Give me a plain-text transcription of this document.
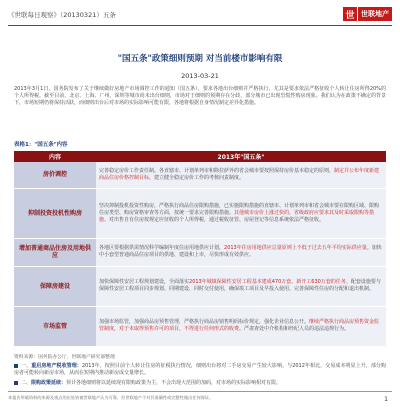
《世联每日观察》（20130321）五条	世 世联地产
"国五条"政策细则预期 对当前楼市影响有限
2013-03-21
2013年3月1日，国务院发布了关于继续做好房地产市场调控工作的通知（国五条），要求各地出台细则并严格执行，尤其是要求依法严格征收个人转让住房所得20%的个人所得税。截至目前，北京、上海、广州、深圳等城市尚未出台细则，市场对于细则的预期存在分歧，部分城市已出现恐慌性购房现象。我们认为在政策不确定的背景下，市场短期仍将保持活跃，而细则出台后对市场的实际影响可能有限，各地将根据自身情况制定差异化措施。
表格1："国五条"内容
内容	2013年"国五条"
房价调控	完善稳定房价工作责任制。各直辖市、计划单列市和除拉萨外的省会城市要按照保持房价基本稳定的原则，制定并公布年度新建商品住房价格控制目标，建立健全稳定房价工作的考核问责制度。
抑制投资投机性购房	坚决抑制投机投资性购房，严格执行商品住房限购措施，已实施限购措施的直辖市、计划单列市和省会城市要在限购区域、限购住房类型、购房资格审查等方面，按统一要求完善限购措施。其他城市房价上涨过快的，省级政府应要求其及时采取限购等措施。对出售自有住房按规定应征收的个人所得税，通过税收征管、房屋登记等信息系统依法严格征收。
增加普通商品住房及用地供应	各地区要根据供需情况科学编制年度住房用地供应计划，2013年住房用地供应总量原则上不低于过去五年平均实际供应量。加快中小套型普通商品住房项目的供地、建设和上市，尽快形成有效供应。
保障房建设	加快保障性安居工程规划建设，全面落实2013年城镇保障性安居工程基本建成470万套、新开工630万套的任务。配套设施要与保障性安居工程项目同步规划、同期建设、同时交付使用，确保竣工项目及早投入使用。完善保障性住房的分配和退出机制。
市场监管	加强市场监管，加强商品房预售管理，严格执行商品房销售明码标价规定，强化企业信息公开。继续严格执行商品房预售资金监管制度，对于未取得预售许可的项目，不得进行任何形式的收费。严肃查处中介机构和经纪人员的违法违规行为。
资料来源：国务院办公厅、世联地产研究部整理
一、重启房地产税收管理：2013年，按照目前个人转让住房的征税执行情况，细则出台将对二手房交易产生较大影响。与2012年相比，交易成本明显上升，部分购房者可能转向新房市场，从而在短期内推动新房成交量增长。
二、限购政策延续：预计各地细则将以延续现有限购政策为主，不会出现大范围的加码，对市场的实际影响相对有限。
本报告所载资料的来源及观点的出处皆被世联地产认为可靠，但世联地产不对其准确性或完整性做出任何保证。	1
